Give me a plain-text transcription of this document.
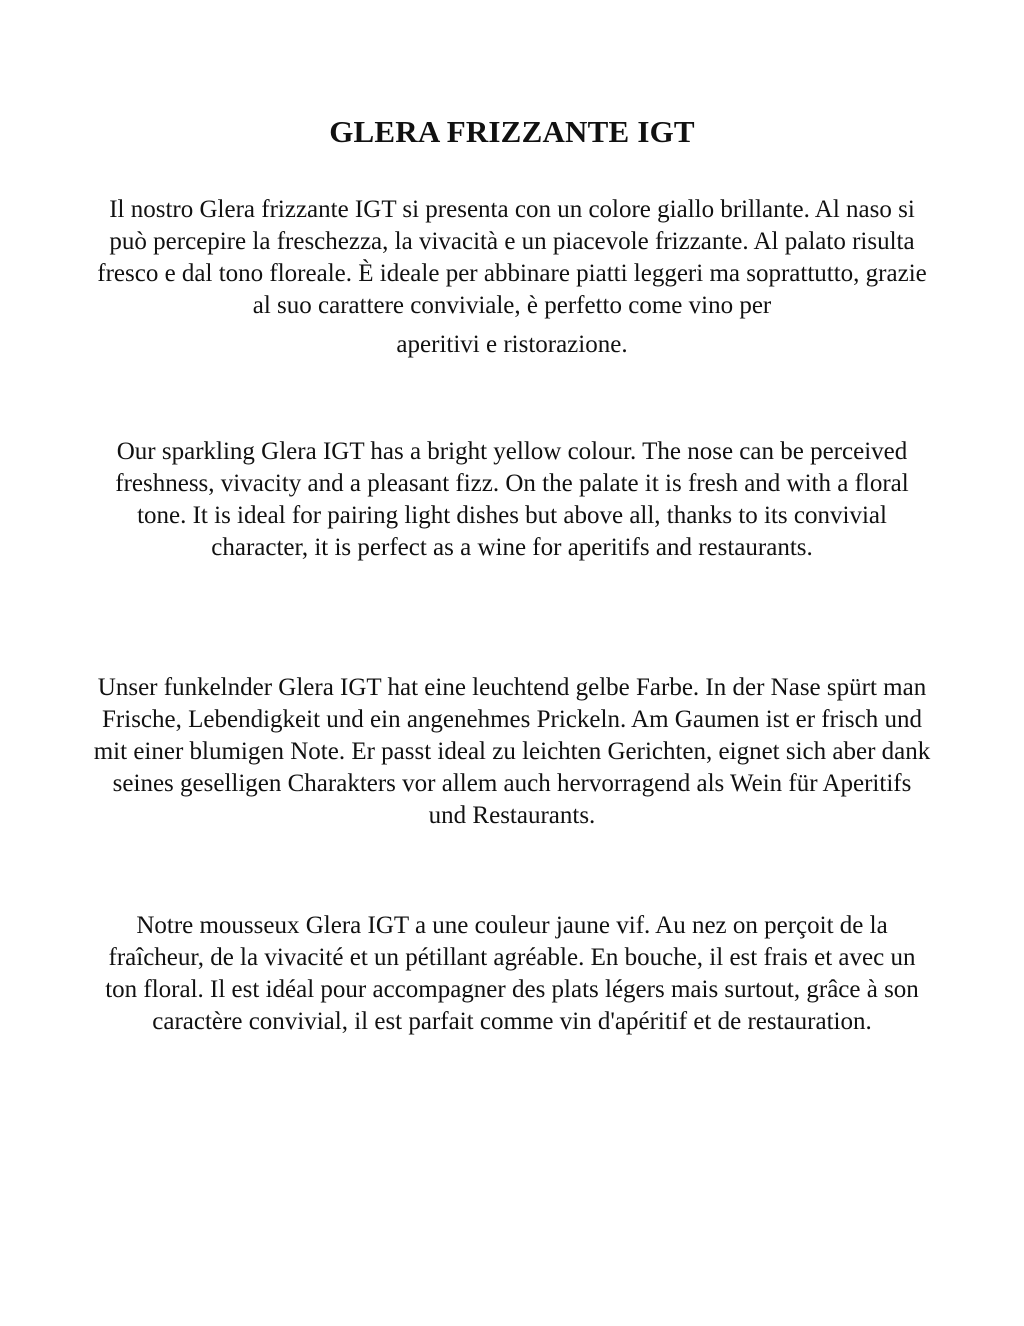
GLERA FRIZZANTE IGT

Il nostro Glera frizzante IGT si presenta con un colore giallo brillante. Al naso si può percepire la freschezza, la vivacità e un piacevole frizzante. Al palato risulta fresco e dal tono floreale. È ideale per abbinare piatti leggeri ma soprattutto, grazie al suo carattere conviviale, è perfetto come vino per
aperitivi e ristorazione.

Our sparkling Glera IGT has a bright yellow colour. The nose can be perceived freshness, vivacity and a pleasant fizz. On the palate it is fresh and with a floral tone. It is ideal for pairing light dishes but above all, thanks to its convivial character, it is perfect as a wine for aperitifs and restaurants.

Unser funkelnder Glera IGT hat eine leuchtend gelbe Farbe. In der Nase spürt man Frische, Lebendigkeit und ein angenehmes Prickeln. Am Gaumen ist er frisch und mit einer blumigen Note. Er passt ideal zu leichten Gerichten, eignet sich aber dank seines geselligen Charakters vor allem auch hervorragend als Wein für Aperitifs und Restaurants.

Notre mousseux Glera IGT a une couleur jaune vif. Au nez on perçoit de la fraîcheur, de la vivacité et un pétillant agréable. En bouche, il est frais et avec un ton floral. Il est idéal pour accompagner des plats légers mais surtout, grâce à son caractère convivial, il est parfait comme vin d'apéritif et de restauration.
